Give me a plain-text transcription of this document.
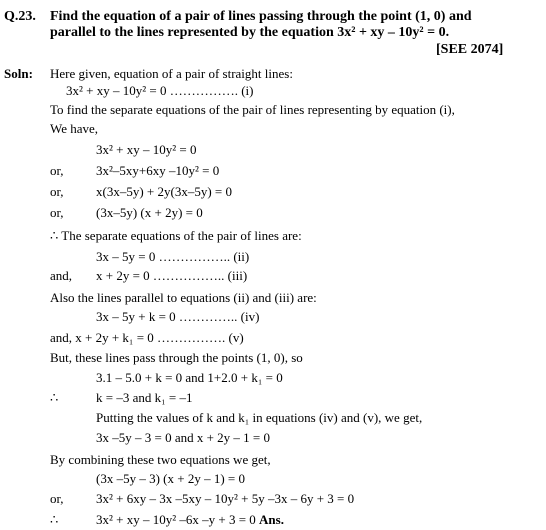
Q.23. Find the equation of a pair of lines passing through the point (1, 0) and
parallel to the lines represented by the equation 3x² + xy – 10y² = 0.
[SEE 2074]
Soln: Here given, equation of a pair of straight lines:
3x² + xy – 10y² = 0 ……………. (i)
To find the separate equations of the pair of lines representing by equation (i),
We have,
3x² + xy – 10y² = 0
or, 3x²–5xy+6xy –10y² = 0
or, x(3x–5y) + 2y(3x–5y) = 0
or, (3x–5y) (x + 2y) = 0
∴ The separate equations of the pair of lines are:
3x – 5y = 0 …………….. (ii)
and, x + 2y = 0 …………….. (iii)
Also the lines parallel to equations (ii) and (iii) are:
3x – 5y + k = 0 ………….. (iv)
and, x + 2y + k₁ = 0 ……………. (v)
But, these lines pass through the points (1, 0), so
3.1 – 5.0 + k = 0 and 1+2.0 + k₁ = 0
∴	k = –3 and k₁ = –1
Putting the values of k and k₁ in equations (iv) and (v), we get,
3x –5y – 3 = 0 and x + 2y – 1 = 0
By combining these two equations we get,
(3x –5y – 3) (x + 2y – 1) = 0
or, 3x² + 6xy – 3x –5xy – 10y² + 5y –3x – 6y + 3 = 0
∴	3x² + xy – 10y² –6x –y + 3 = 0 Ans.
